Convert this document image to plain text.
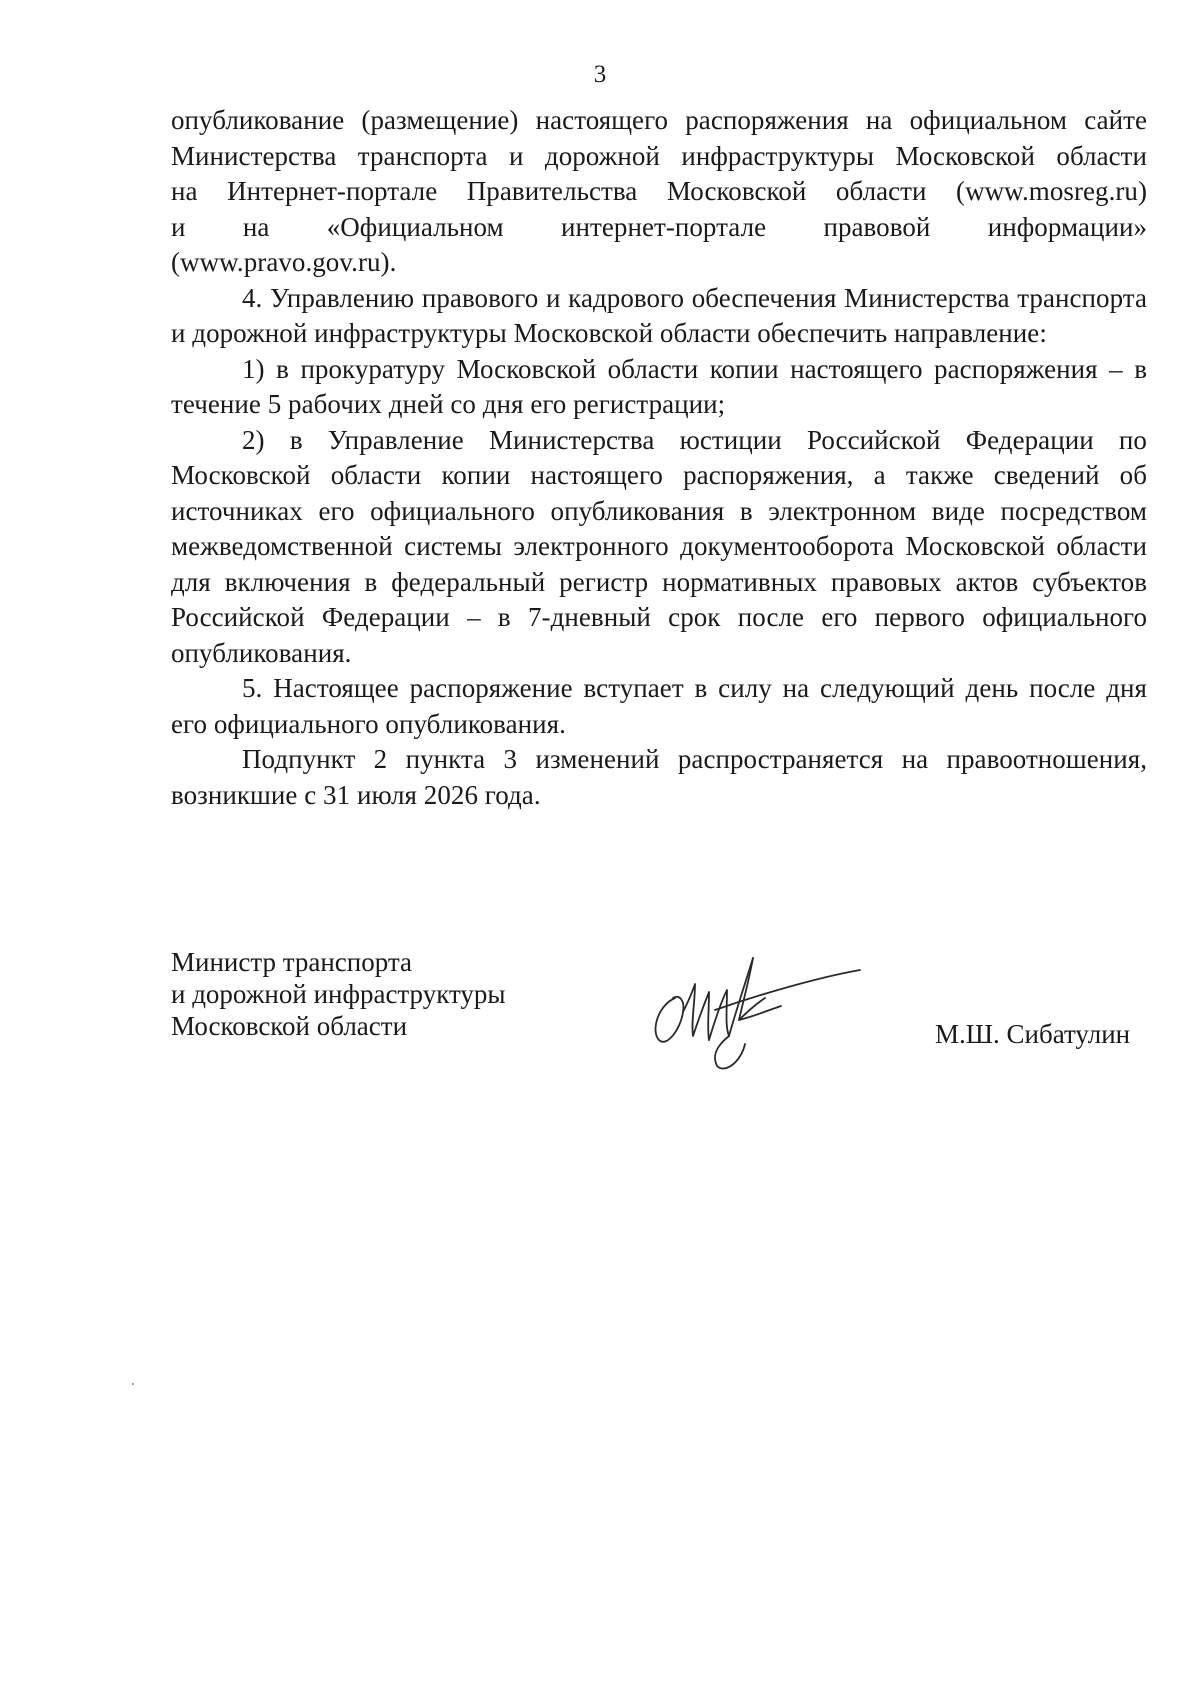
3
опубликование (размещение) настоящего распоряжения на официальном сайте
Министерства транспорта и дорожной инфраструктуры Московской области
на Интернет-портале Правительства Московской области (www.mosreg.ru)
и на «Официальном интернет-портале правовой информации»
(www.pravo.gov.ru).

4. Управлению правового и кадрового обеспечения Министерства транспорта и дорожной инфраструктуры Московской области обеспечить направление:

1) в прокуратуру Московской области копии настоящего распоряжения – в течение 5 рабочих дней со дня его регистрации;

2) в Управление Министерства юстиции Российской Федерации по Московской области копии настоящего распоряжения, а также сведений об источниках его официального опубликования в электронном виде посредством межведомственной системы электронного документооборота Московской области для включения в федеральный регистр нормативных правовых актов субъектов Российской Федерации – в 7-дневный срок после его первого официального опубликования.

5. Настоящее распоряжение вступает в силу на следующий день после дня его официального опубликования.

Подпункт 2 пункта 3 изменений распространяется на правоотношения, возникшие с 31 июля 2026 года.

Министр транспорта
и дорожной инфраструктуры
Московской области	М.Ш. Сибатулин
